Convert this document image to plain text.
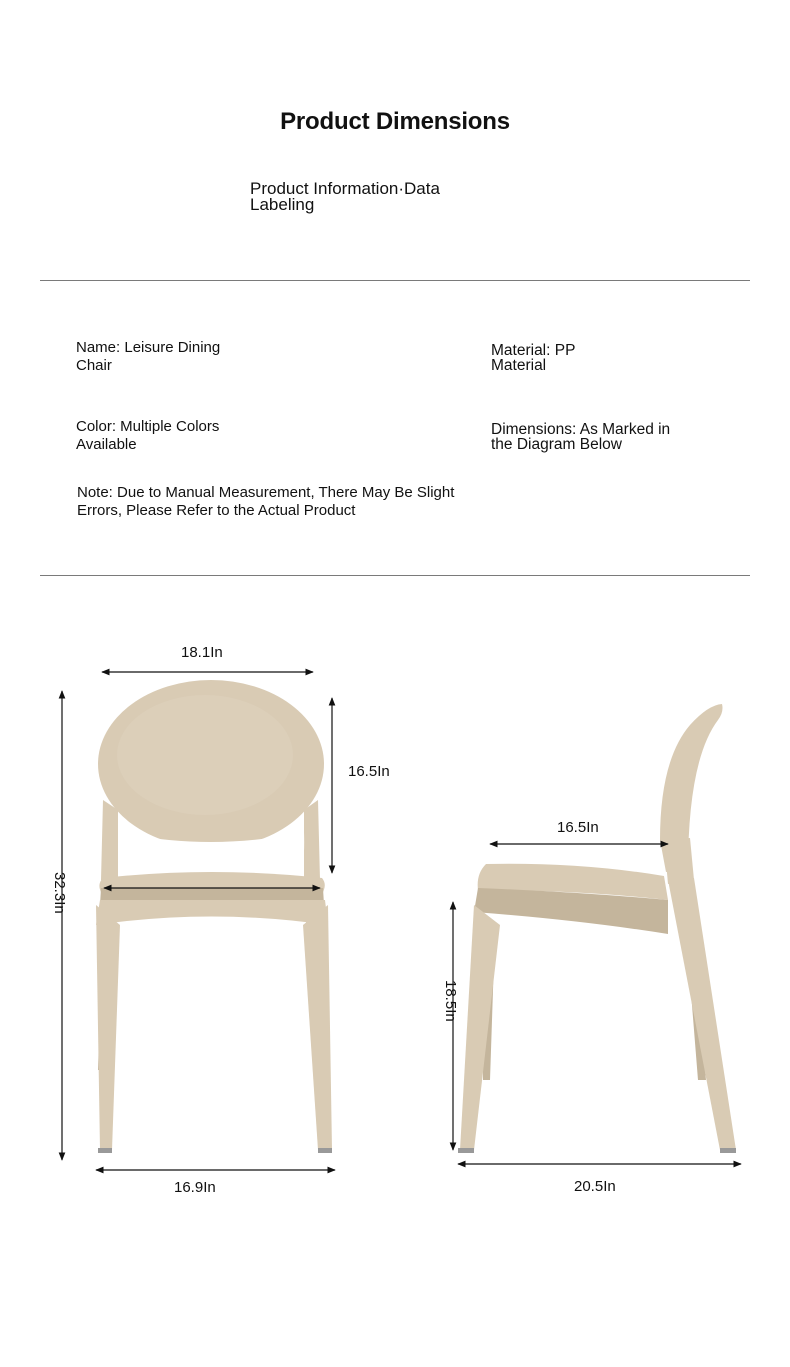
Product Dimensions
Product Information·Data
Labeling
Name: Leisure Dining
Chair
Material: PP
Material
Color: Multiple Colors
Available
Dimensions: As Marked in
the Diagram Below
Note: Due to Manual Measurement, There May Be Slight
Errors, Please Refer to the Actual Product
18.1In
16.5In
32.3In
16.9In
16.5In
18.5In
20.5In
